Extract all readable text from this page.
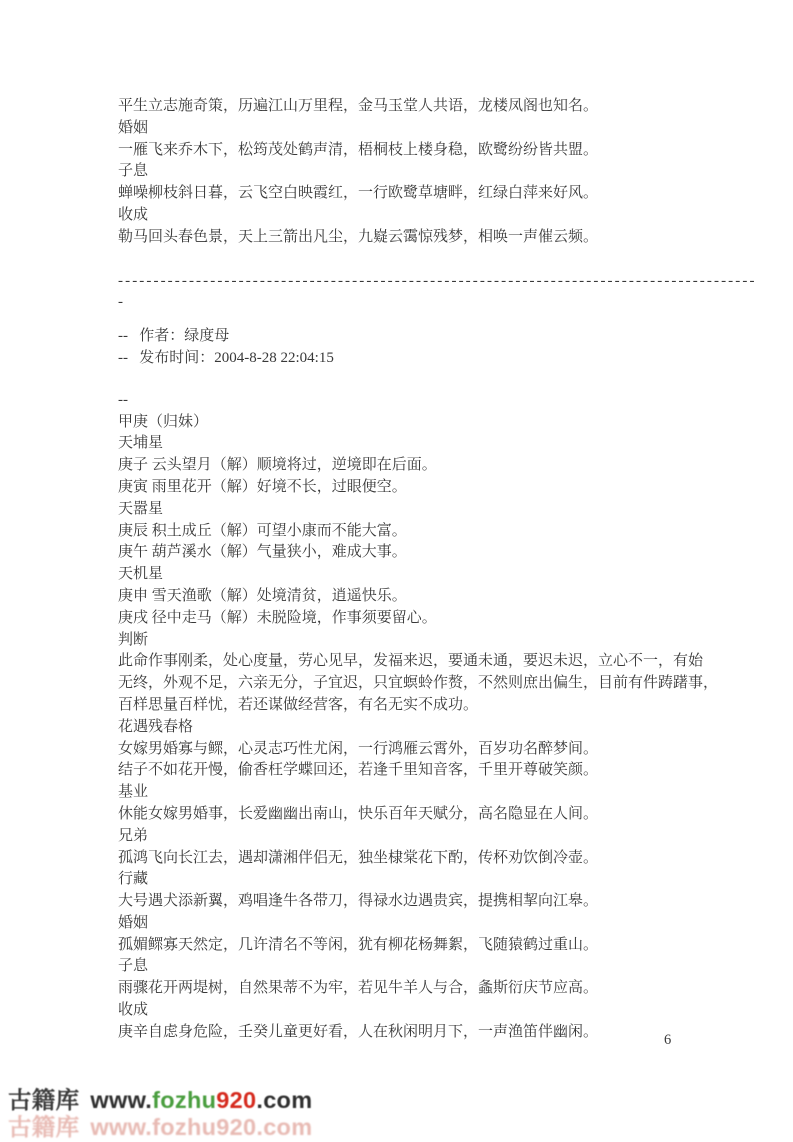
平生立志施奇策，历遍江山万里程，金马玉堂人共语，龙楼凤阁也知名。
婚姻
一雁飞来乔木下，松筠茂处鹤声清，梧桐枝上楼身稳，欧鹭纷纷皆共盟。
子息
蝉噪柳枝斜日暮，云飞空白映霞红，一行欧鹭草塘畔，红绿白萍来好风。
收成
勒马回头春色景，天上三箭出凡尘，九嶷云霭惊残梦，相唤一声催云频。
------------------------------------------------------------------------------------------
-
--   作者：绿度母
--   发布时间：2004-8-28 22:04:15
--
甲庚（归妹）
天埔星
庚子 云头望月（解）顺境将过，逆境即在后面。
庚寅 雨里花开（解）好境不长，过眼便空。
天嚣星
庚辰 积土成丘（解）可望小康而不能大富。
庚午 葫芦溪水（解）气量狭小，难成大事。
天机星
庚申 雪天渔歌（解）处境清贫，逍遥快乐。
庚戌 径中走马（解）未脱险境，作事须要留心。
判断
此命作事刚柔，处心度量，劳心见早，发福来迟，要通未通，要迟未迟，立心不一，有始
无终，外观不足，六亲无分，子宜迟，只宜螟蛉作赘，不然则庶出偏生，目前有件踌躇事，
百样思量百样忧，若还谋做经营客，有名无实不成功。
花遇残春格
女嫁男婚寡与鳏，心灵志巧性尤闲，一行鸿雁云霄外，百岁功名醉梦间。
结子不如花开慢，偷香枉学蝶回还，若逢千里知音客，千里开尊破笑颜。
基业
休能女嫁男婚事，长爱幽幽出南山，快乐百年天赋分，高名隐显在人间。
兄弟
孤鸿飞向长江去，遇却潇湘伴侣无，独坐棣棠花下酌，传杯劝饮倒冷壶。
行藏
大号遇犬添新翼，鸡唱逢牛各带刀，得禄水边遇贵宾，提携相挈向江皋。
婚姻
孤媚鳏寡天然定，几许清名不等闲，犹有柳花杨舞絮，飞随猿鹤过重山。
子息
雨骤花开两堤树，自然果蒂不为牢，若见牛羊人与合，螽斯衍庆节应高。
收成
庚辛自虑身危险，壬癸儿童更好看，人在秋闲明月下，一声渔笛伴幽闲。
6
古籍库 www.fozhu920.com
古籍库 www.fozhu920.com
